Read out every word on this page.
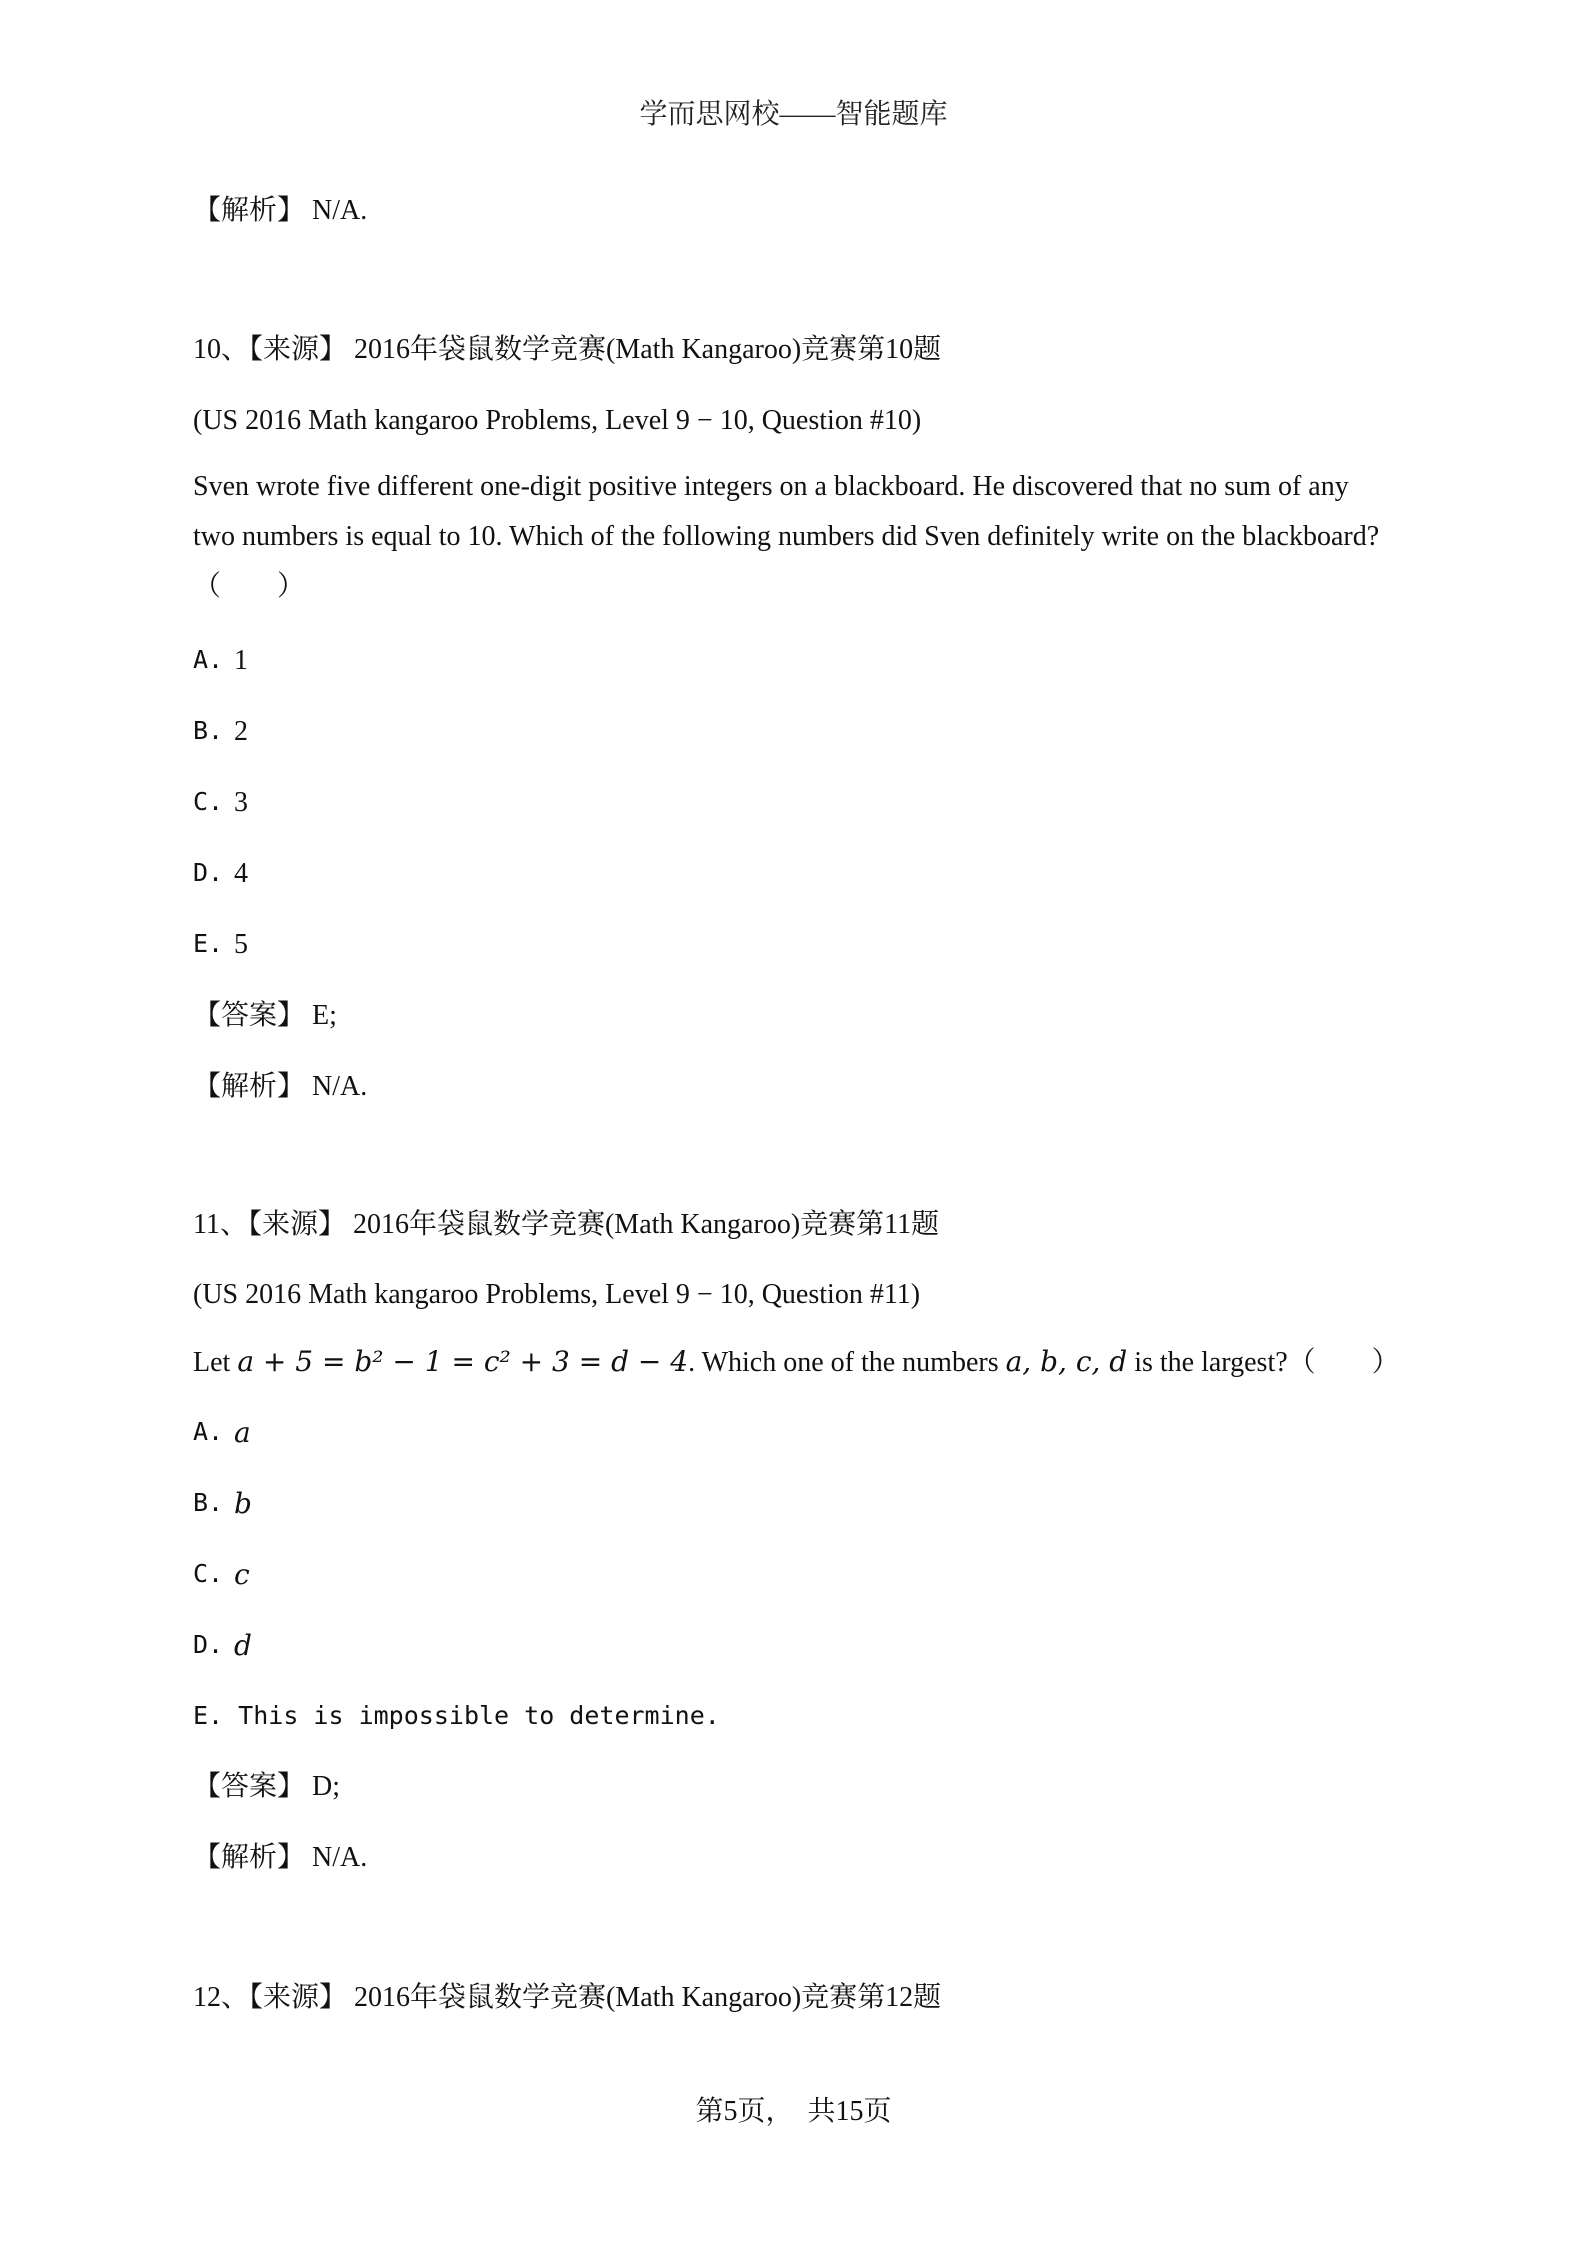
学而思网校——智能题库
【解析】 N/A.
10、【来源】 2016年袋鼠数学竞赛(Math Kangaroo)竞赛第10题
(US 2016 Math kangaroo Problems, Level 9 − 10, Question #10)
Sven wrote five different one-digit positive integers on a blackboard. He discovered that no sum of any
two numbers is equal to 10. Which of the following numbers did Sven definitely write on the blackboard?
（　　）
A. 1
B. 2
C. 3
D. 4
E. 5
【答案】 E;
【解析】 N/A.
11、【来源】 2016年袋鼠数学竞赛(Math Kangaroo)竞赛第11题
(US 2016 Math kangaroo Problems, Level 9 − 10, Question #11)
Let a + 5 = b² − 1 = c² + 3 = d − 4. Which one of the numbers a, b, c, d is the largest?（　　）
A. a
B. b
C. c
D. d
E. This is impossible to determine.
【答案】 D;
【解析】 N/A.
12、【来源】 2016年袋鼠数学竞赛(Math Kangaroo)竞赛第12题
第5页，　共15页
